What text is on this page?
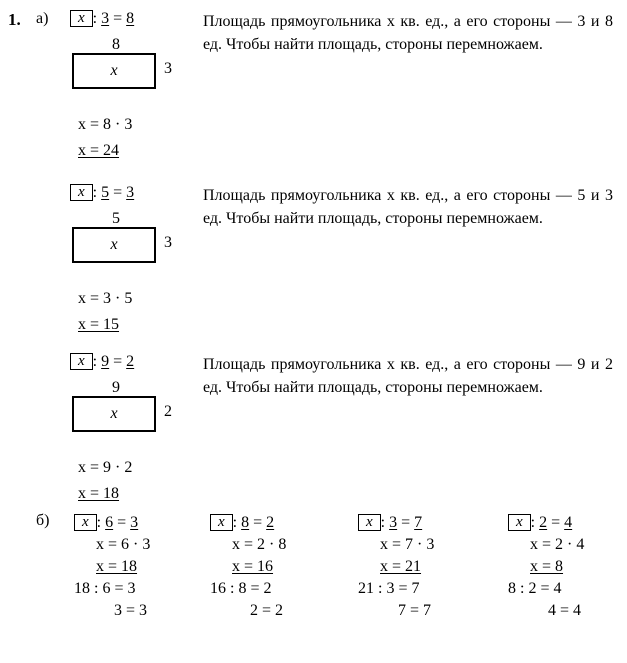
1. а)
б)
x : 3 = 8
8
x	3
x = 8 · 3
x = 24
Площадь прямоугольника x кв. ед., а его стороны — 3 и 8 ед. Чтобы найти площадь, стороны перемножаем.
x : 5 = 3
5
x	3
x = 3 · 5
x = 15
Площадь прямоугольника x кв. ед., а его стороны — 5 и 3 ед. Чтобы найти площадь, стороны перемножаем.
x : 9 = 2
9
x	2
x = 9 · 2
x = 18
Площадь прямоугольника x кв. ед., а его стороны — 9 и 2 ед. Чтобы найти площадь, стороны перемножаем.
x : 6 = 3
x = 6 · 3
x = 18
18 : 6 = 3
3 = 3
x : 8 = 2
x = 2 · 8
x = 16
16 : 8 = 2
2 = 2
x : 3 = 7
x = 7 · 3
x = 21
21 : 3 = 7
7 = 7
x : 2 = 4
x = 2 · 4
x = 8
8 : 2 = 4
4 = 4
